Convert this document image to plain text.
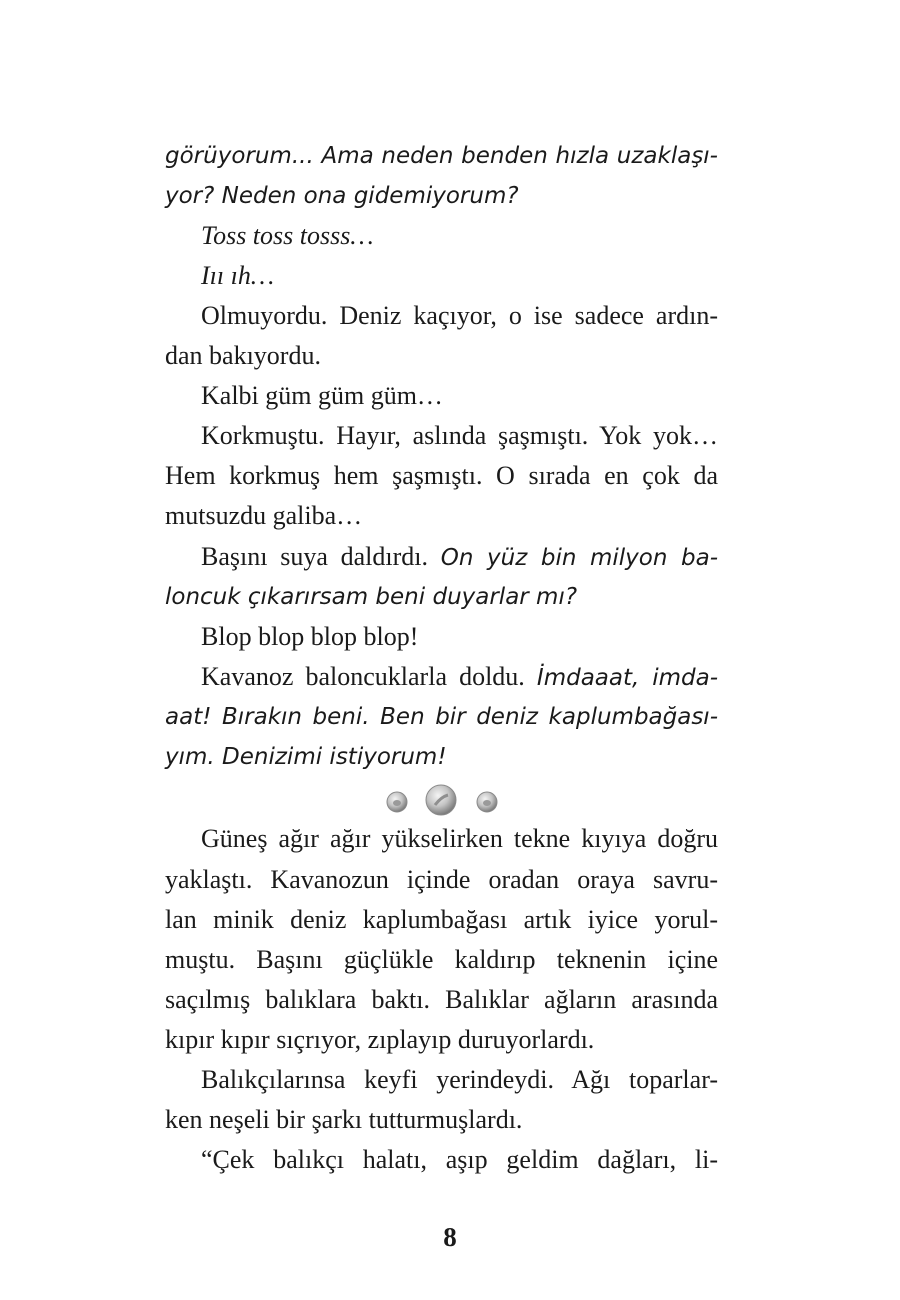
görüyorum... Ama neden benden hızla uzaklaşı-

yor? Neden ona gidemiyorum?

Toss toss tosss…

Iıı ıh…

Olmuyordu. Deniz kaçıyor, o ise sadece ardın-

dan bakıyordu.

Kalbi güm güm güm…

Korkmuştu. Hayır, aslında şaşmıştı. Yok yok…

Hem korkmuş hem şaşmıştı. O sırada en çok da

mutsuzdu galiba…

Başını suya daldırdı. On yüz bin milyon ba-

loncuk çıkarırsam beni duyarlar mı?

Blop blop blop blop!

Kavanoz baloncuklarla doldu. İmdaaat, imda-

aat! Bırakın beni. Ben bir deniz kaplumbağası-

yım. Denizimi istiyorum!

Güneş ağır ağır yükselirken tekne kıyıya doğru

yaklaştı. Kavanozun içinde oradan oraya savru-

lan minik deniz kaplumbağası artık iyice yorul-

muştu. Başını güçlükle kaldırıp teknenin içine

saçılmış balıklara baktı. Balıklar ağların arasında

kıpır kıpır sıçrıyor, zıplayıp duruyorlardı.

Balıkçılarınsa keyfi yerindeydi. Ağı toparlar-

ken neşeli bir şarkı tutturmuşlardı.

“Çek balıkçı halatı, aşıp geldim dağları, li-

8
